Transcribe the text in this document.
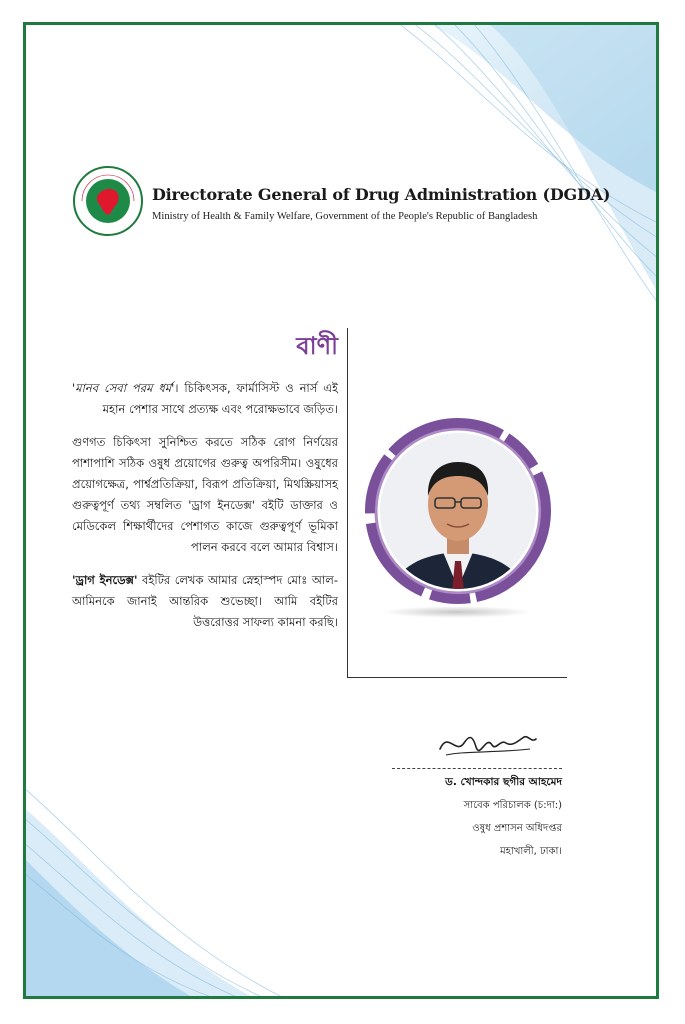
Directorate General of Drug Administration (DGDA)
Ministry of Health & Family Welfare, Government of the People's Republic of Bangladesh
বাণী

'মানব সেবা পরম ধর্ম'। চিকিৎসক, ফার্মাসিস্ট ও নার্স এই মহান পেশার সাথে প্রত্যক্ষ এবং পরোক্ষভাবে জড়িত।

গুণগত চিকিৎসা সুনিশ্চিত করতে সঠিক রোগ নির্ণয়ের পাশাপাশি সঠিক ওষুধ প্রয়োগের গুরুত্ব অপরিসীম। ওষুধের প্রয়োগক্ষেত্র, পার্শ্বপ্রতিক্রিয়া, বিরূপ প্রতিক্রিয়া, মিথস্ক্রিয়াসহ গুরুত্বপূর্ণ তথ্য সম্বলিত 'ড্রাগ ইনডেক্স' বইটি ডাক্তার ও মেডিকেল শিক্ষার্থীদের পেশাগত কাজে গুরুত্বপূর্ণ ভূমিকা পালন করবে বলে আমার বিশ্বাস।

'ড্রাগ ইনডেক্স' বইটির লেখক আমার স্নেহাস্পদ মোঃ আল-আমিনকে জানাই আন্তরিক শুভেচ্ছা। আমি বইটির উত্তরোত্তর সাফল্য কামনা করছি।

ড. খোন্দকার ছগীর আহমেদ
সাবেক পরিচালক (চ:দা:)
ওষুধ প্রশাসন অধিদপ্তর
মহাখালী, ঢাকা।
